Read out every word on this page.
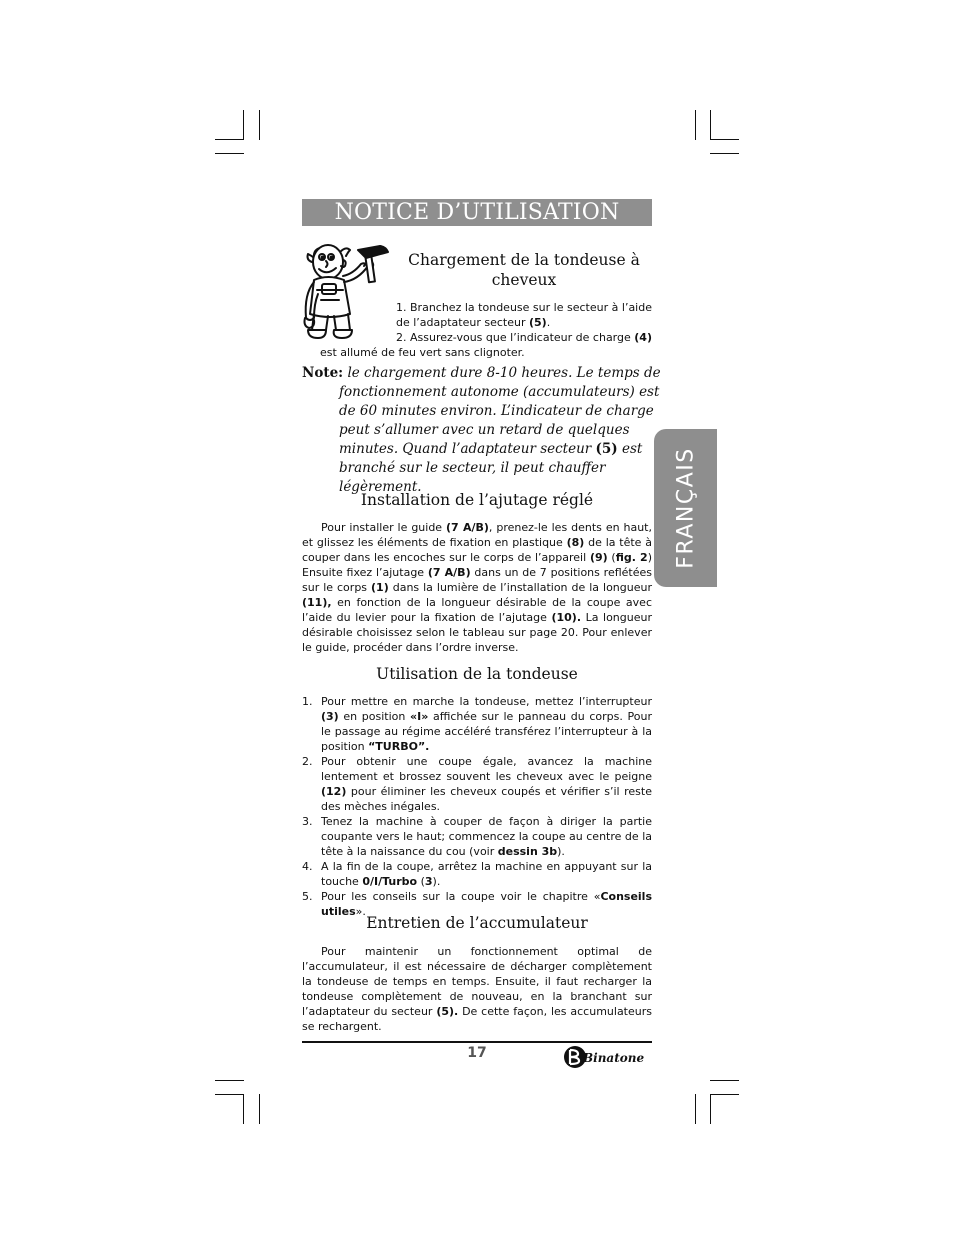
NOTICE D’UTILISATION
FRANÇAIS
Chargement de la tondeuse à cheveux

1. Branchez la tondeuse sur le secteur à l’aide de l’adaptateur secteur (5).

2. Assurez-vous que l’indicateur de charge (4) est allumé de feu vert sans clignoter.

Note: le chargement dure 8-10 heures. Le temps de fonctionnement autonome (accumulateurs) est de 60 minutes environ. L’indicateur de charge peut s’allumer avec un retard de quelques minutes. Quand l’adaptateur secteur (5) est branché sur le secteur, il peut chauffer légèrement.

Installation de l’ajutage réglé

Pour installer le guide (7 A/B), prenez-le les dents en haut, et glissez les éléments de fixation en plastique (8) de la tête à couper dans les encoches sur le corps de l’appareil (9) (fig. 2) Ensuite fixez l’ajutage (7 A/B) dans un de 7 positions reflétées sur le corps (1) dans la lumière de l’installation de la longueur (11), en fonction de la longueur désirable de la coupe avec l’aide du levier pour la fixation de l’ajutage (10). La longueur désirable choisissez selon le tableau sur page 20. Pour enlever le guide, procéder dans l’ordre inverse.

Utilisation de la tondeuse
1. Pour mettre en marche la tondeuse, mettez l’interrupteur (3) en position «I» affichée sur le panneau du corps. Pour le passage au régime accéléré transférez l’interrupteur à la position “TURBO”.
2. Pour obtenir une coupe égale, avancez la machine lentement et brossez souvent les cheveux avec le peigne (12) pour éliminer les cheveux coupés et vérifier s’il reste des mèches inégales.
3. Tenez la machine à couper de façon à diriger la partie coupante vers le haut; commencez la coupe au centre de la tête à la naissance du cou (voir dessin 3b).
4. A la fin de la coupe, arrêtez la machine en appuyant sur la touche 0/I/Turbo (3).
5. Pour les conseils sur la coupe voir le chapitre «Conseils utiles».
Entretien de l’accumulateur

Pour maintenir un fonctionnement optimal de l’accumulateur, il est nécessaire de décharger complètement la tondeuse de temps en temps. Ensuite, il faut recharger la tondeuse complètement de nouveau, en la branchant sur l’adaptateur du secteur (5). De cette façon, les accumulateurs se rechargent.

17	Binatone
